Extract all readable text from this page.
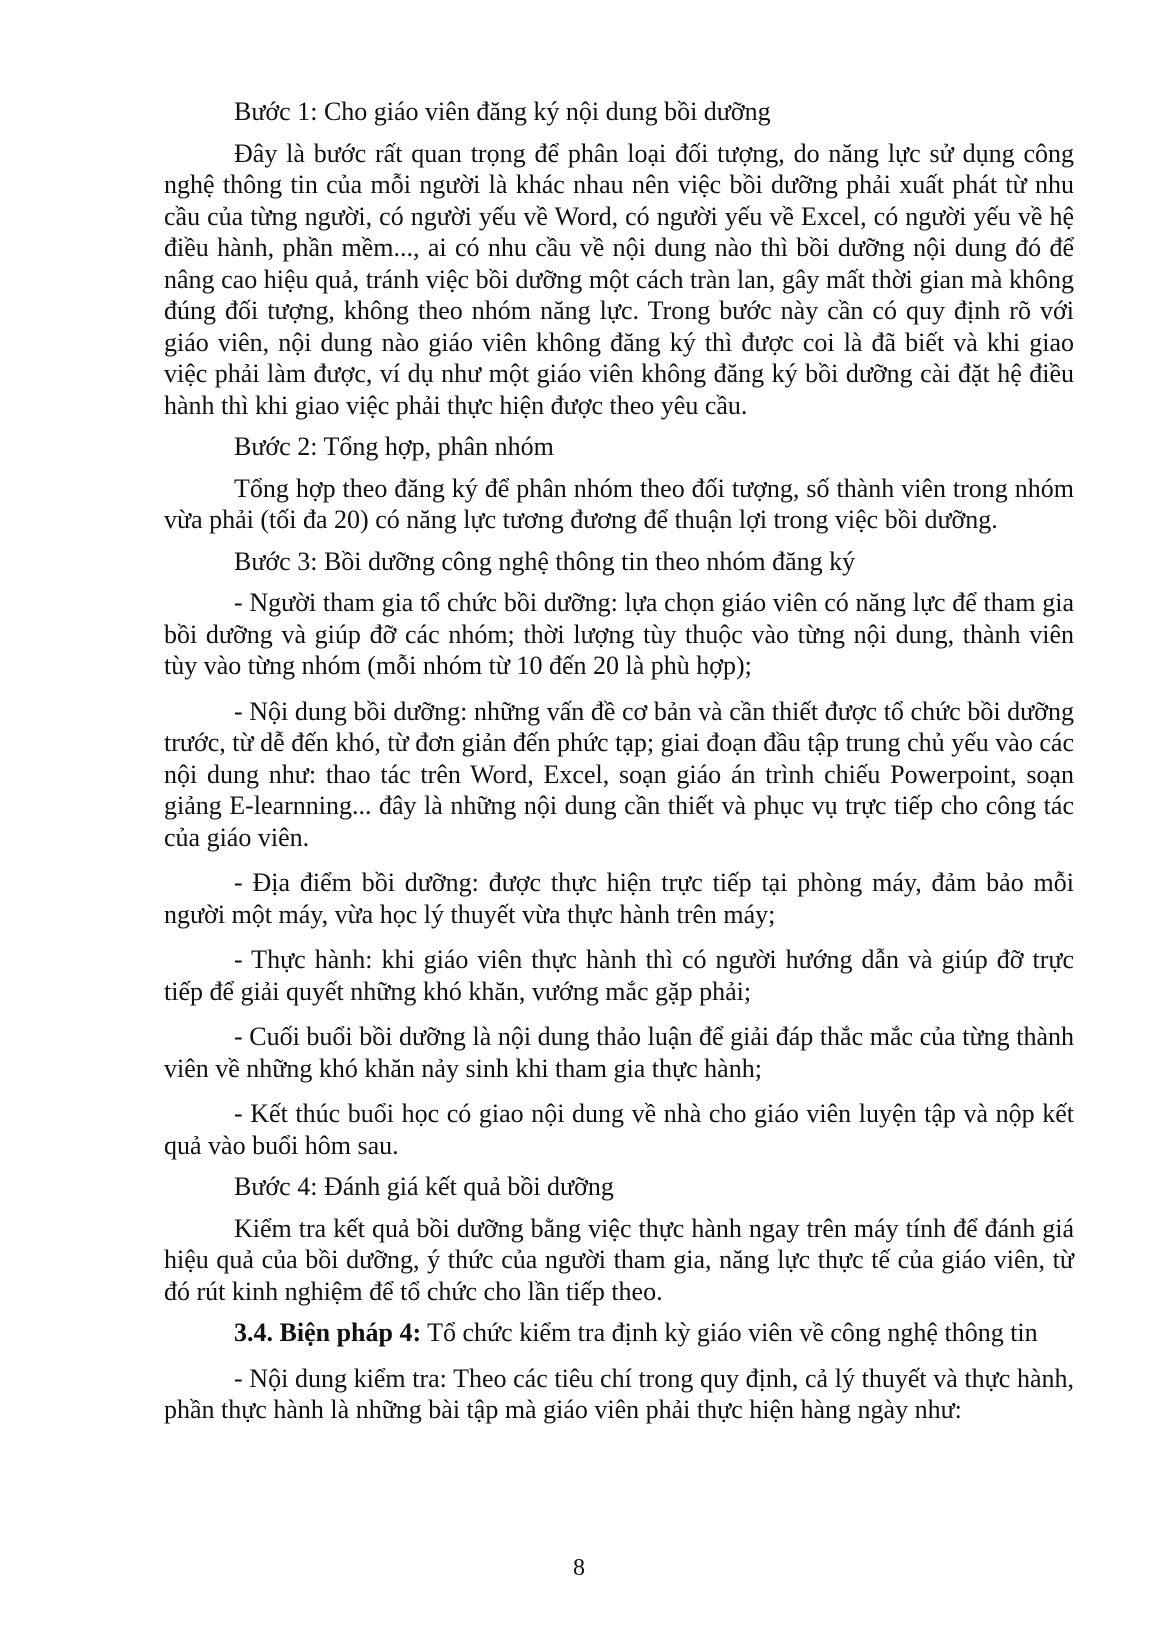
Bước 1: Cho giáo viên đăng ký nội dung bồi dưỡng

Đây là bước rất quan trọng để phân loại đối tượng, do năng lực sử dụng công nghệ thông tin của mỗi người là khác nhau nên việc bồi dưỡng phải xuất phát từ nhu cầu của từng người, có người yếu về Word, có người yếu về Excel, có người yếu về hệ điều hành, phần mềm..., ai có nhu cầu về nội dung nào thì bồi dưỡng nội dung đó để nâng cao hiệu quả, tránh việc bồi dưỡng một cách tràn lan, gây mất thời gian mà không đúng đối tượng, không theo nhóm năng lực. Trong bước này cần có quy định rõ với giáo viên, nội dung nào giáo viên không đăng ký thì được coi là đã biết và khi giao việc phải làm được, ví dụ như một giáo viên không đăng ký bồi dưỡng cài đặt hệ điều hành thì khi giao việc phải thực hiện được theo yêu cầu.

Bước 2: Tổng hợp, phân nhóm

Tổng hợp theo đăng ký để phân nhóm theo đối tượng, số thành viên trong nhóm vừa phải (tối đa 20) có năng lực tương đương để thuận lợi trong việc bồi dưỡng.

Bước 3: Bồi dưỡng công nghệ thông tin theo nhóm đăng ký

- Người tham gia tổ chức bồi dưỡng: lựa chọn giáo viên có năng lực để tham gia bồi dưỡng và giúp đỡ các nhóm; thời lượng tùy thuộc vào từng nội dung, thành viên tùy vào từng nhóm (mỗi nhóm từ 10 đến 20 là phù hợp);

- Nội dung bồi dưỡng: những vấn đề cơ bản và cần thiết được tổ chức bồi dưỡng trước, từ dễ đến khó, từ đơn giản đến phức tạp; giai đoạn đầu tập trung chủ yếu vào các nội dung như: thao tác trên Word, Excel, soạn giáo án trình chiếu Powerpoint, soạn giảng E-learnning... đây là những nội dung cần thiết và phục vụ trực tiếp cho công tác của giáo viên.

- Địa điểm bồi dưỡng: được thực hiện trực tiếp tại phòng máy, đảm bảo mỗi người một máy, vừa học lý thuyết vừa thực hành trên máy;

- Thực hành: khi giáo viên thực hành thì có người hướng dẫn và giúp đỡ trực tiếp để giải quyết những khó khăn, vướng mắc gặp phải;

- Cuối buổi bồi dưỡng là nội dung thảo luận để giải đáp thắc mắc của từng thành viên về những khó khăn nảy sinh khi tham gia thực hành;

- Kết thúc buổi học có giao nội dung về nhà cho giáo viên luyện tập và nộp kết quả vào buổi hôm sau.

Bước 4: Đánh giá kết quả bồi dưỡng

Kiểm tra kết quả bồi dưỡng bằng việc thực hành ngay trên máy tính để đánh giá hiệu quả của bồi dưỡng, ý thức của người tham gia, năng lực thực tế của giáo viên, từ đó rút kinh nghiệm để tổ chức cho lần tiếp theo.

3.4. Biện pháp 4: Tổ chức kiểm tra định kỳ giáo viên về công nghệ thông tin

- Nội dung kiểm tra: Theo các tiêu chí trong quy định, cả lý thuyết và thực hành, phần thực hành là những bài tập mà giáo viên phải thực hiện hàng ngày như:

8
